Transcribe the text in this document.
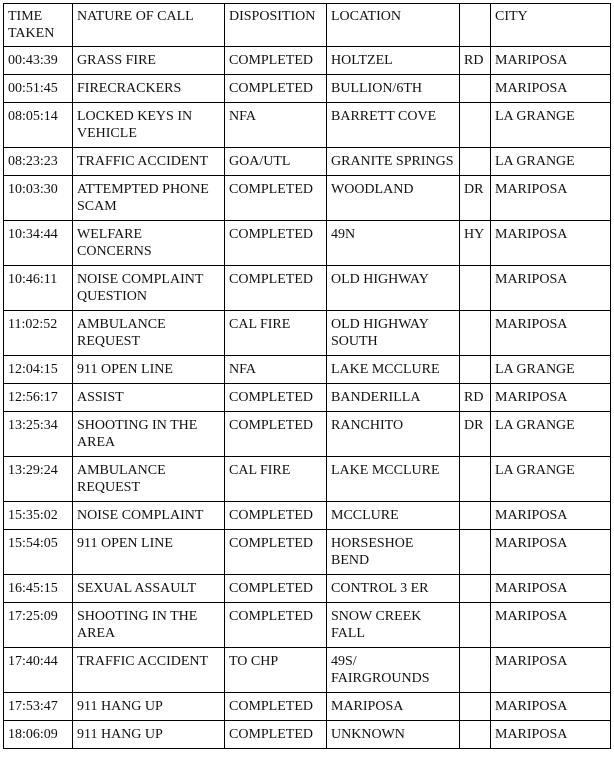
TIME TAKEN	NATURE OF CALL	DISPOSITION	LOCATION		CITY
00:43:39	GRASS FIRE	COMPLETED	HOLTZEL	RD	MARIPOSA
00:51:45	FIRECRACKERS	COMPLETED	BULLION/6TH		MARIPOSA
08:05:14	LOCKED KEYS IN VEHICLE	NFA	BARRETT COVE		LA GRANGE
08:23:23	TRAFFIC ACCIDENT	GOA/UTL	GRANITE SPRINGS		LA GRANGE
10:03:30	ATTEMPTED PHONE SCAM	COMPLETED	WOODLAND	DR	MARIPOSA
10:34:44	WELFARE CONCERNS	COMPLETED	49N	HY	MARIPOSA
10:46:11	NOISE COMPLAINT QUESTION	COMPLETED	OLD HIGHWAY		MARIPOSA
11:02:52	AMBULANCE REQUEST	CAL FIRE	OLD HIGHWAY SOUTH		MARIPOSA
12:04:15	911 OPEN LINE	NFA	LAKE MCCLURE		LA GRANGE
12:56:17	ASSIST	COMPLETED	BANDERILLA	RD	MARIPOSA
13:25:34	SHOOTING IN THE AREA	COMPLETED	RANCHITO	DR	LA GRANGE
13:29:24	AMBULANCE REQUEST	CAL FIRE	LAKE MCCLURE		LA GRANGE
15:35:02	NOISE COMPLAINT	COMPLETED	MCCLURE		MARIPOSA
15:54:05	911 OPEN LINE	COMPLETED	HORSESHOE BEND		MARIPOSA
16:45:15	SEXUAL ASSAULT	COMPLETED	CONTROL 3 ER		MARIPOSA
17:25:09	SHOOTING IN THE AREA	COMPLETED	SNOW CREEK FALL		MARIPOSA
17:40:44	TRAFFIC ACCIDENT	TO CHP	49S/ FAIRGROUNDS		MARIPOSA
17:53:47	911 HANG UP	COMPLETED	MARIPOSA		MARIPOSA
18:06:09	911 HANG UP	COMPLETED	UNKNOWN		MARIPOSA
